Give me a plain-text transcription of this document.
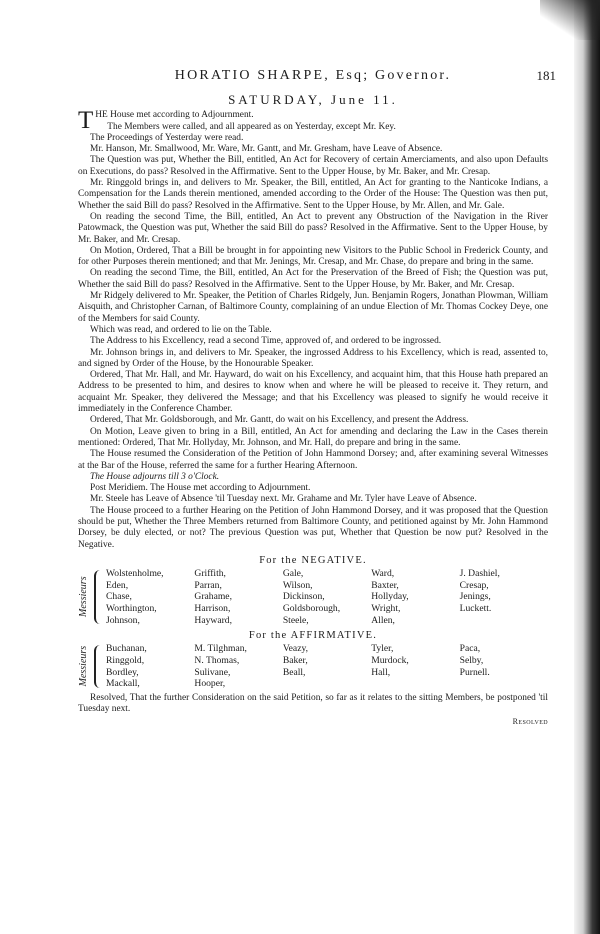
HORATIO SHARPE, Esq; Governor.	181
SATURDAY, June 11.

THE House met according to Adjournment.

The Members were called, and all appeared as on Yesterday, except Mr. Key.

The Proceedings of Yesterday were read.

Mr. Hanson, Mr. Smallwood, Mr. Ware, Mr. Gantt, and Mr. Gresham, have Leave of Absence.

The Question was put, Whether the Bill, entitled, An Act for Recovery of certain Amerciaments, and also upon Defaults on Executions, do pass? Resolved in the Affirmative. Sent to the Upper House, by Mr. Baker, and Mr. Cresap.

Mr. Ringgold brings in, and delivers to Mr. Speaker, the Bill, entitled, An Act for granting to the Nanticoke Indians, a Compensation for the Lands therein mentioned, amended according to the Order of the House: The Question was then put, Whether the said Bill do pass? Resolved in the Affirmative. Sent to the Upper House, by Mr. Allen, and Mr. Gale.

On reading the second Time, the Bill, entitled, An Act to prevent any Obstruction of the Navigation in the River Patowmack, the Question was put, Whether the said Bill do pass? Resolved in the Affirmative. Sent to the Upper House, by Mr. Baker, and Mr. Cresap.

On Motion, Ordered, That a Bill be brought in for appointing new Visitors to the Public School in Frederick County, and for other Purposes therein mentioned; and that Mr. Jenings, Mr. Cresap, and Mr. Chase, do prepare and bring in the same.

On reading the second Time, the Bill, entitled, An Act for the Preservation of the Breed of Fish; the Question was put, Whether the said Bill do pass? Resolved in the Affirmative. Sent to the Upper House, by Mr. Baker, and Mr. Cresap.

Mr Ridgely delivered to Mr. Speaker, the Petition of Charles Ridgely, Jun. Benjamin Rogers, Jonathan Plowman, William Aisquith, and Christopher Carnan, of Baltimore County, complaining of an undue Election of Mr. Thomas Cockey Deye, one of the Members for said County.

Which was read, and ordered to lie on the Table.

The Address to his Excellency, read a second Time, approved of, and ordered to be ingrossed.

Mr. Johnson brings in, and delivers to Mr. Speaker, the ingrossed Address to his Excellency, which is read, assented to, and signed by Order of the House, by the Honourable Speaker.

Ordered, That Mr. Hall, and Mr. Hayward, do wait on his Excellency, and acquaint him, that this House hath prepared an Address to be presented to him, and desires to know when and where he will be pleased to receive it. They return, and acquaint Mr. Speaker, they delivered the Message; and that his Excellency was pleased to signify he would receive it immediately in the Conference Chamber.

Ordered, That Mr. Goldsborough, and Mr. Gantt, do wait on his Excellency, and present the Address.

On Motion, Leave given to bring in a Bill, entitled, An Act for amending and declaring the Law in the Cases therein mentioned: Ordered, That Mr. Hollyday, Mr. Johnson, and Mr. Hall, do prepare and bring in the same.

The House resumed the Consideration of the Petition of John Hammond Dorsey; and, after examining several Witnesses at the Bar of the House, referred the same for a further Hearing Afternoon.

The House adjourns till 3 o'Clock.

Post Meridiem. The House met according to Adjournment.

Mr. Steele has Leave of Absence 'til Tuesday next. Mr. Grahame and Mr. Tyler have Leave of Absence.

The House proceed to a further Hearing on the Petition of John Hammond Dorsey, and it was proposed that the Question should be put, Whether the Three Members returned from Baltimore County, and petitioned against by Mr. John Hammond Dorsey, be duly elected, or not? The previous Question was put, Whether that Question be now put? Resolved in the Negative.

For the NEGATIVE.
Messieurs
Wolstenholme,
Eden,
Chase,
Worthington,
Johnson,
Griffith,
Parran,
Grahame,
Harrison,
Hayward,
Gale,
Wilson,
Dickinson,
Goldsborough,
Steele,
Ward,
Baxter,
Hollyday,
Wright,
Allen,
J. Dashiel,
Cresap,
Jenings,
Luckett.
For the AFFIRMATIVE.
Messieurs	Buchanan,
Ringgold,
Bordley,
Mackall,
M. Tilghman,
N. Thomas,
Sulivane,
Hooper,
Veazy,
Baker,
Beall,
Tyler,
Murdock,
Hall,
Paca,
Selby,
Purnell.

Resolved, That the further Consideration on the said Petition, so far as it relates to the sitting Members, be postponed 'til Tuesday next.

Resolved
